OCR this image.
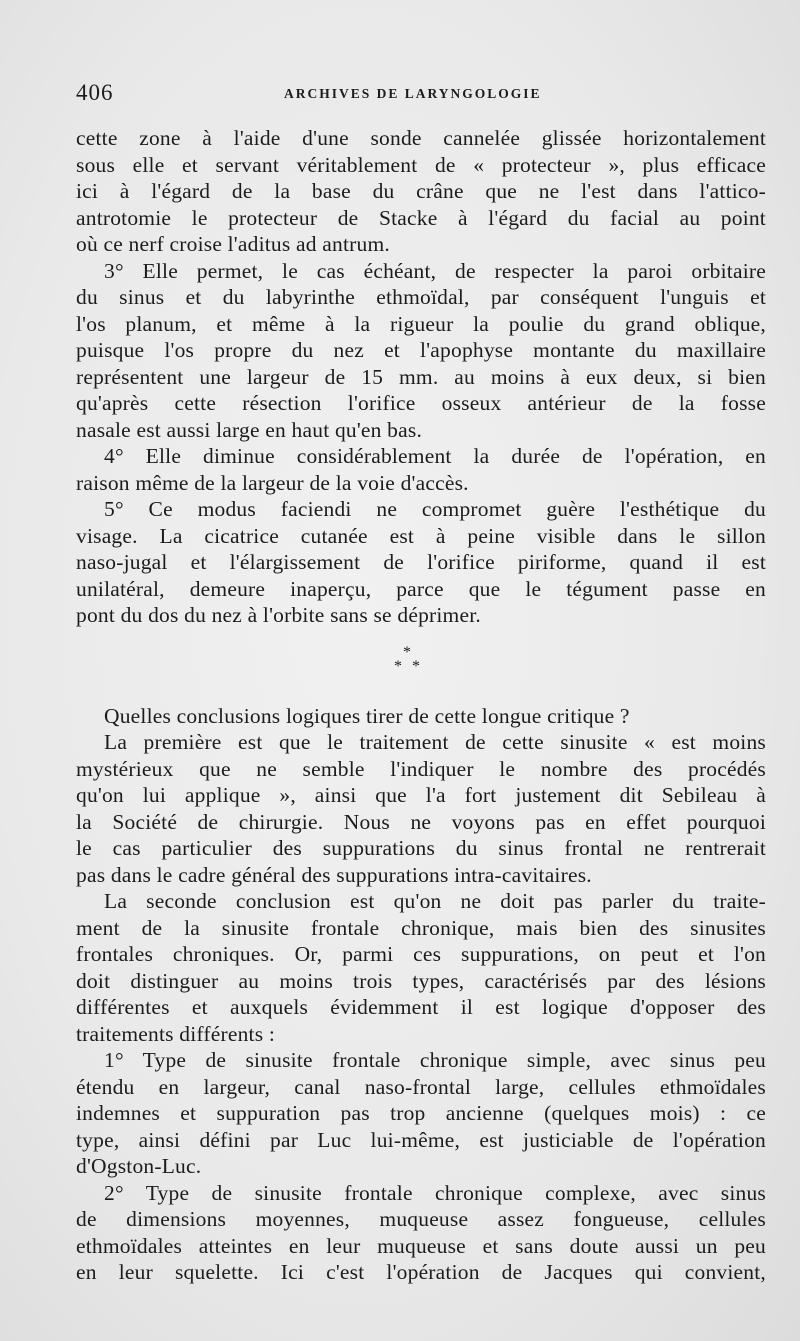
406	ARCHIVES DE LARYNGOLOGIE
cette zone à l'aide d'une sonde cannelée glissée horizontalement
sous elle et servant véritablement de « protecteur », plus efficace
ici à l'égard de la base du crâne que ne l'est dans l'attico-
antrotomie le protecteur de Stacke à l'égard du facial au point
où ce nerf croise l'aditus ad antrum.
3° Elle permet, le cas échéant, de respecter la paroi orbitaire
du sinus et du labyrinthe ethmoïdal, par conséquent l'unguis et
l'os planum, et même à la rigueur la poulie du grand oblique,
puisque l'os propre du nez et l'apophyse montante du maxillaire
représentent une largeur de 15 mm. au moins à eux deux, si bien
qu'après cette résection l'orifice osseux antérieur de la fosse
nasale est aussi large en haut qu'en bas.
4° Elle diminue considérablement la durée de l'opération, en
raison même de la largeur de la voie d'accès.
5° Ce modus faciendi ne compromet guère l'esthétique du
visage. La cicatrice cutanée est à peine visible dans le sillon
naso-jugal et l'élargissement de l'orifice piriforme, quand il est
unilatéral, demeure inaperçu, parce que le tégument passe en
pont du dos du nez à l'orbite sans se déprimer.
*
* *
Quelles conclusions logiques tirer de cette longue critique ?
La première est que le traitement de cette sinusite « est moins
mystérieux que ne semble l'indiquer le nombre des procédés
qu'on lui applique », ainsi que l'a fort justement dit Sebileau à
la Société de chirurgie. Nous ne voyons pas en effet pourquoi
le cas particulier des suppurations du sinus frontal ne rentrerait
pas dans le cadre général des suppurations intra-cavitaires.
La seconde conclusion est qu'on ne doit pas parler du traite-
ment de la sinusite frontale chronique, mais bien des sinusites
frontales chroniques. Or, parmi ces suppurations, on peut et l'on
doit distinguer au moins trois types, caractérisés par des lésions
différentes et auxquels évidemment il est logique d'opposer des
traitements différents :
1° Type de sinusite frontale chronique simple, avec sinus peu
étendu en largeur, canal naso-frontal large, cellules ethmoïdales
indemnes et suppuration pas trop ancienne (quelques mois) : ce
type, ainsi défini par Luc lui-même, est justiciable de l'opération
d'Ogston-Luc.
2° Type de sinusite frontale chronique complexe, avec sinus
de dimensions moyennes, muqueuse assez fongueuse, cellules
ethmoïdales atteintes en leur muqueuse et sans doute aussi un peu
en leur squelette. Ici c'est l'opération de Jacques qui convient,
